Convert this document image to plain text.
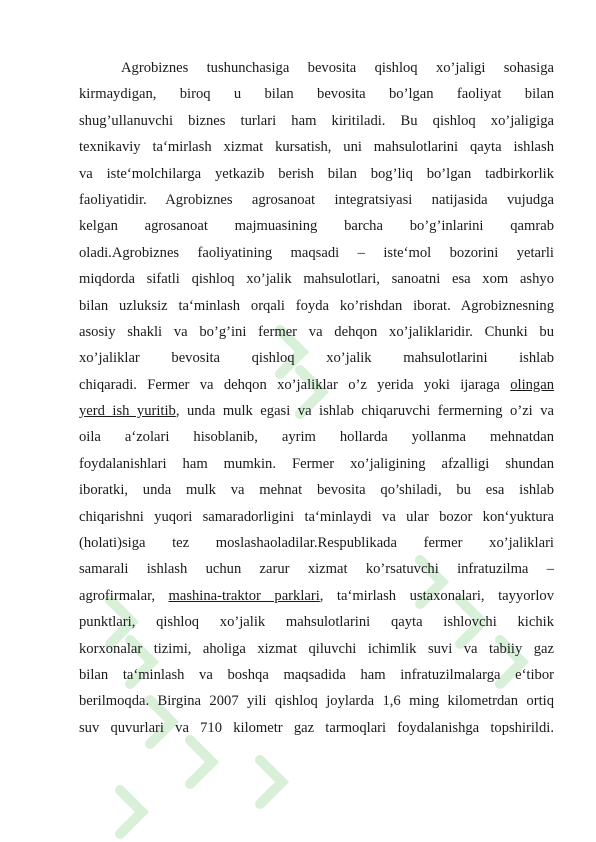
Agrobiznes tushunchasiga bevosita qishloq xo’jaligi sohasiga
kirmaydigan, biroq u bilan bevosita bo’lgan faoliyat bilan
shug’ullanuvchi biznes turlari ham kiritiladi. Bu qishloq xo’jaligiga
texnikaviy ta‘mirlash xizmat kursatish, uni mahsulotlarini qayta ishlash
va iste‘molchilarga yetkazib berish bilan bog’liq bo’lgan tadbirkorlik
faoliyatidir. Agrobiznes agrosanoat integratsiyasi natijasida vujudga
kelgan agrosanoat majmuasining barcha bo’g’inlarini qamrab
oladi.Agrobiznes faoliyatining maqsadi – iste‘mol bozorini yetarli
miqdorda sifatli qishloq xo’jalik mahsulotlari, sanoatni esa xom ashyo
bilan uzluksiz ta‘minlash orqali foyda ko’rishdan iborat. Agrobiznesning
asosiy shakli va bo’g’ini fermer va dehqon xo’jaliklaridir. Chunki bu
xo’jaliklar bevosita qishloq xo’jalik mahsulotlarini ishlab
chiqaradi. Fermer va dehqon xo’jaliklar o’z yerida yoki ijaraga olingan
yerd ish yuritib, unda mulk egasi va ishlab chiqaruvchi fermerning o’zi va
oila a‘zolari hisoblanib, ayrim hollarda yollanma mehnatdan
foydalanishlari ham mumkin. Fermer xo’jaligining afzalligi shundan
iboratki, unda mulk va mehnat bevosita qo’shiladi, bu esa ishlab
chiqarishni yuqori samaradorligini ta‘minlaydi va ular bozor kon‘yuktura
(holati)siga tez moslashaoladilar.Respublikada fermer xo’jaliklari
samarali ishlash uchun zarur xizmat ko’rsatuvchi infratuzilma –
agrofirmalar, mashina-traktor parklari, ta‘mirlash ustaxonalari, tayyorlov
punktlari, qishloq xo’jalik mahsulotlarini qayta ishlovchi kichik
korxonalar tizimi, aholiga xizmat qiluvchi ichimlik suvi va tabiiy gaz
bilan ta‘minlash va boshqa maqsadida ham infratuzilmalarga e‘tibor
berilmoqda. Birgina 2007 yili qishloq joylarda 1,6 ming kilometrdan ortiq
suv quvurlari va 710 kilometr gaz tarmoqlari foydalanishga topshirildi.
